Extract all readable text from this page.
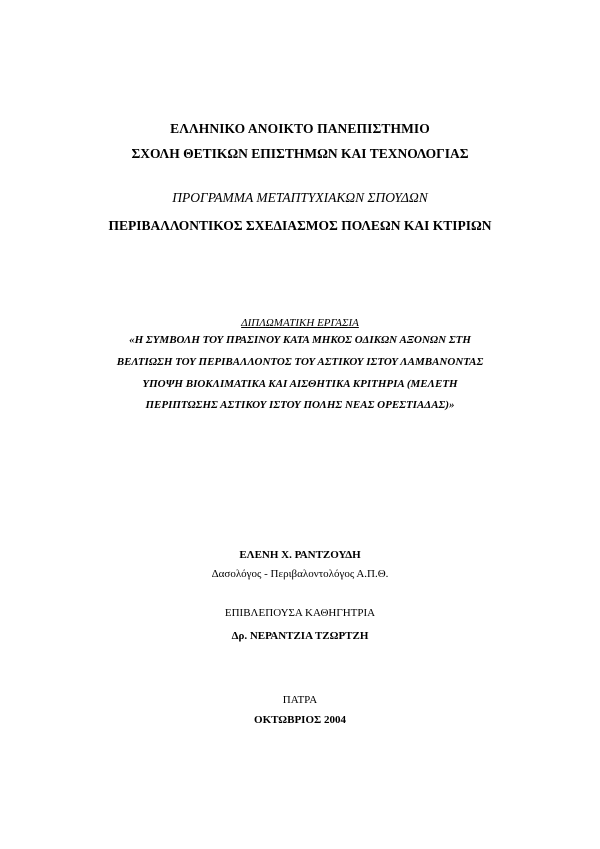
ΕΛΛΗΝΙΚΟ ΑΝΟΙΚΤΟ ΠΑΝΕΠΙΣΤΗΜΙΟ
ΣΧΟΛΗ ΘΕΤΙΚΩΝ ΕΠΙΣΤΗΜΩΝ ΚΑΙ ΤΕΧΝΟΛΟΓΙΑΣ
ΠΡΟΓΡΑΜΜΑ ΜΕΤΑΠΤΥΧΙΑΚΩΝ ΣΠΟΥΔΩΝ
ΠΕΡΙΒΑΛΛΟΝΤΙΚΟΣ ΣΧΕΔΙΑΣΜΟΣ ΠΟΛΕΩΝ ΚΑΙ ΚΤΙΡΙΩΝ
ΔΙΠΛΩΜΑΤΙΚΗ ΕΡΓΑΣΙΑ
«Η ΣΥΜΒΟΛΗ ΤΟΥ ΠΡΑΣΙΝΟΥ ΚΑΤΑ ΜΗΚΟΣ ΟΔΙΚΩΝ ΑΞΟΝΩΝ ΣΤΗ
ΒΕΛΤΙΩΣΗ ΤΟΥ ΠΕΡΙΒΑΛΛΟΝΤΟΣ ΤΟΥ ΑΣΤΙΚΟΥ ΙΣΤΟΥ ΛΑΜΒΑΝΟΝΤΑΣ
ΥΠΟΨΗ ΒΙΟΚΛΙΜΑΤΙΚΑ ΚΑΙ ΑΙΣΘΗΤΙΚΑ ΚΡΙΤΗΡΙΑ (ΜΕΛΕΤΗ
ΠΕΡΙΠΤΩΣΗΣ ΑΣΤΙΚΟΥ ΙΣΤΟΥ ΠΟΛΗΣ ΝΕΑΣ ΟΡΕΣΤΙΑΔΑΣ)»
ΕΛΕΝΗ Χ. ΡΑΝΤΖΟΥΔΗ
Δασολόγος - Περιβαλοντολόγος Α.Π.Θ.
ΕΠΙΒΛΕΠΟΥΣΑ ΚΑΘΗΓΗΤΡΙΑ
Δρ. ΝΕΡΑΝΤΖΙΑ ΤΖΩΡΤΖΗ
ΠΑΤΡΑ
ΟΚΤΩΒΡΙΟΣ 2004
